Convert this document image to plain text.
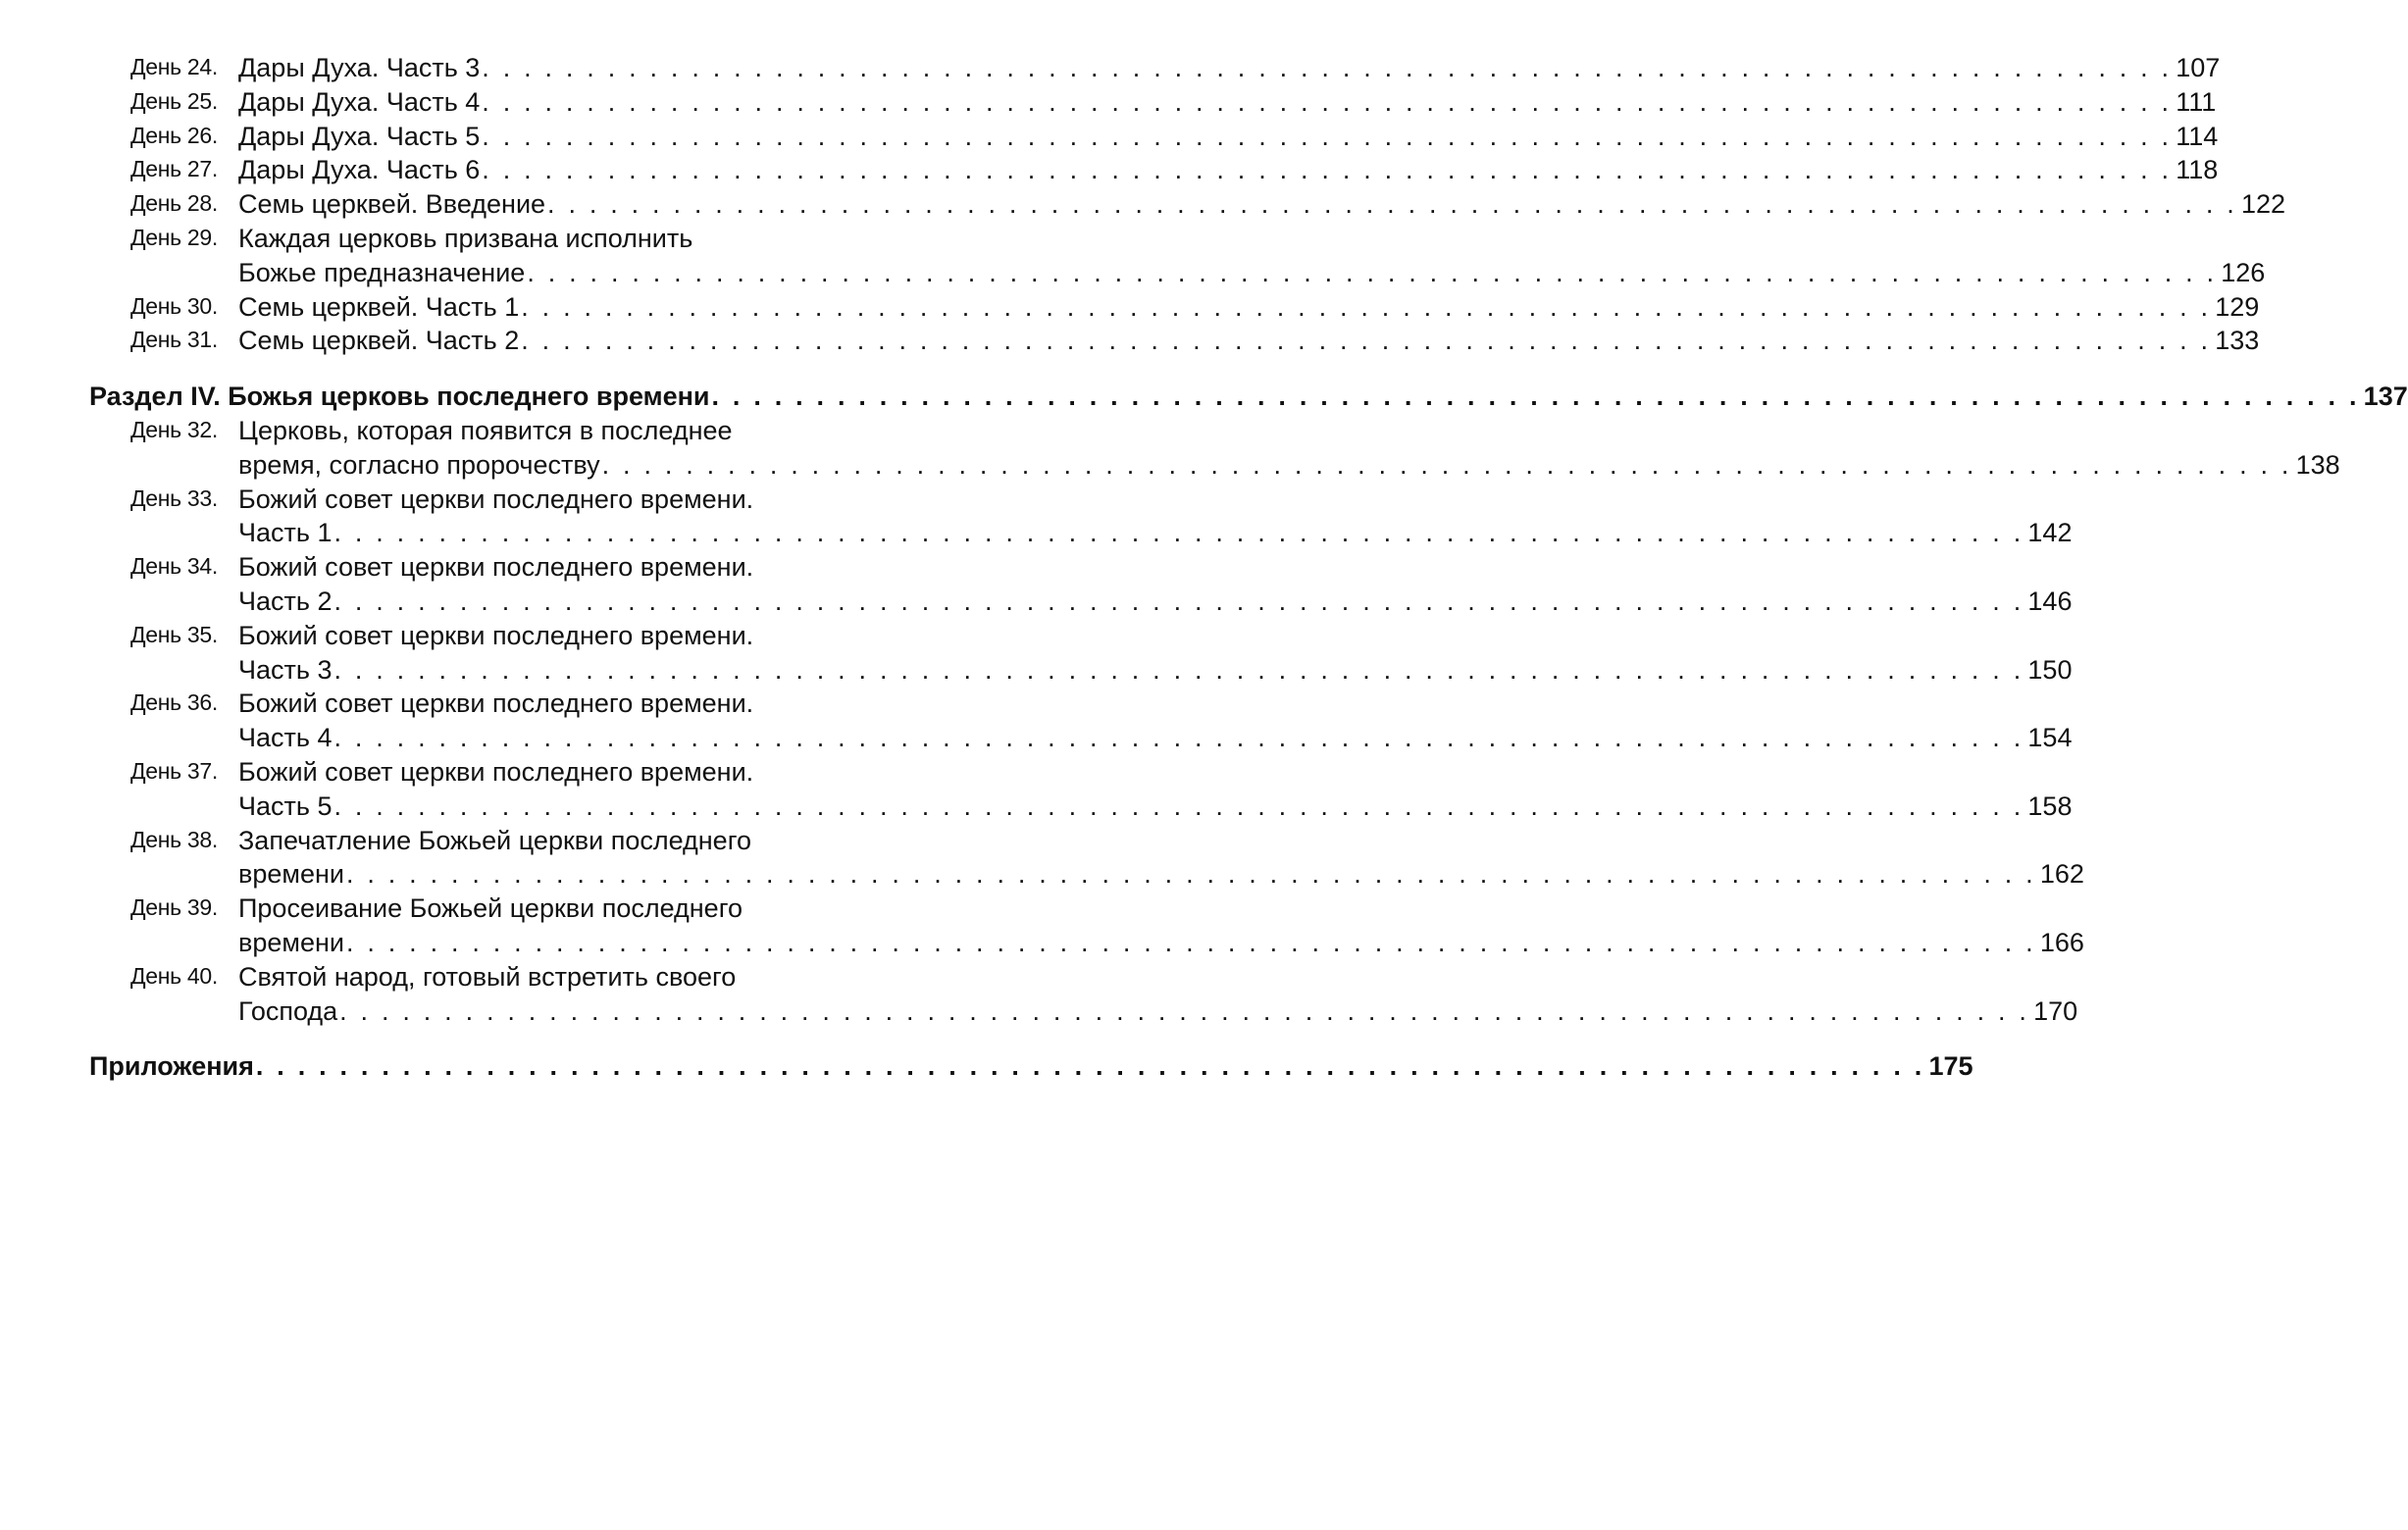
День 24. Дары Духа. Часть 3 . . . . . . . . . . . . . . . . . . . . . . . . . . . . . . . . . . . . . . . . . . . . . . . . . . . . . . . . . . . . . . . . . . . . . . . . . . . . . . . . . 107
День 25. Дары Духа. Часть 4 . . . . . . . . . . . . . . . . . . . . . . . . . . . . . . . . . . . . . . . . . . . . . . . . . . . . . . . . . . . . . . . . . . . . . . . . . . . . . . . . . 111
День 26. Дары Духа. Часть 5 . . . . . . . . . . . . . . . . . . . . . . . . . . . . . . . . . . . . . . . . . . . . . . . . . . . . . . . . . . . . . . . . . . . . . . . . . . . . . . . . . 114
День 27. Дары Духа. Часть 6 . . . . . . . . . . . . . . . . . . . . . . . . . . . . . . . . . . . . . . . . . . . . . . . . . . . . . . . . . . . . . . . . . . . . . . . . . . . . . . . . . 118
День 28. Семь церквей. Введение . . . . . . . . . . . . . . . . . . . . . . . . . . . . . . . . . . . . . . . . . . . . . . . . . . . . . . . . . . . . . . . . . . . . . . . . . . . . . . . . . 122
День 29. Каждая церковь призвана исполнить
Божье предназначение . . . . . . . . . . . . . . . . . . . . . . . . . . . . . . . . . . . . . . . . . . . . . . . . . . . . . . . . . . . . . . . . . . . . . . . . . . . . . . . . . 126
День 30. Семь церквей. Часть 1 . . . . . . . . . . . . . . . . . . . . . . . . . . . . . . . . . . . . . . . . . . . . . . . . . . . . . . . . . . . . . . . . . . . . . . . . . . . . . . . . . 129
День 31. Семь церквей. Часть 2 . . . . . . . . . . . . . . . . . . . . . . . . . . . . . . . . . . . . . . . . . . . . . . . . . . . . . . . . . . . . . . . . . . . . . . . . . . . . . . . . . 133
Раздел IV. Божья церковь последнего времени . . . . . . . . . . . . . . . . . . . . . . . . . . . . . . . . . . . . . . . . . . . . . . . . . . . . . . . . . . . . . . . . . . . . . . . . . . . . . . . 137
День 32. Церковь, которая появится в последнее
время, согласно пророчеству . . . . . . . . . . . . . . . . . . . . . . . . . . . . . . . . . . . . . . . . . . . . . . . . . . . . . . . . . . . . . . . . . . . . . . . . . . . . . . . . . 138
День 33. Божий совет церкви последнего времени.
Часть 1 . . . . . . . . . . . . . . . . . . . . . . . . . . . . . . . . . . . . . . . . . . . . . . . . . . . . . . . . . . . . . . . . . . . . . . . . . . . . . . . . . 142
День 34. Божий совет церкви последнего времени.
Часть 2 . . . . . . . . . . . . . . . . . . . . . . . . . . . . . . . . . . . . . . . . . . . . . . . . . . . . . . . . . . . . . . . . . . . . . . . . . . . . . . . . . 146
День 35. Божий совет церкви последнего времени.
Часть 3 . . . . . . . . . . . . . . . . . . . . . . . . . . . . . . . . . . . . . . . . . . . . . . . . . . . . . . . . . . . . . . . . . . . . . . . . . . . . . . . . . 150
День 36. Божий совет церкви последнего времени.
Часть 4 . . . . . . . . . . . . . . . . . . . . . . . . . . . . . . . . . . . . . . . . . . . . . . . . . . . . . . . . . . . . . . . . . . . . . . . . . . . . . . . . . 154
День 37. Божий совет церкви последнего времени.
Часть 5 . . . . . . . . . . . . . . . . . . . . . . . . . . . . . . . . . . . . . . . . . . . . . . . . . . . . . . . . . . . . . . . . . . . . . . . . . . . . . . . . . 158
День 38. Запечатление Божьей церкви последнего
времени . . . . . . . . . . . . . . . . . . . . . . . . . . . . . . . . . . . . . . . . . . . . . . . . . . . . . . . . . . . . . . . . . . . . . . . . . . . . . . . . . 162
День 39. Просеивание Божьей церкви последнего
времени . . . . . . . . . . . . . . . . . . . . . . . . . . . . . . . . . . . . . . . . . . . . . . . . . . . . . . . . . . . . . . . . . . . . . . . . . . . . . . . . . 166
День 40. Святой народ, готовый встретить своего
Господа . . . . . . . . . . . . . . . . . . . . . . . . . . . . . . . . . . . . . . . . . . . . . . . . . . . . . . . . . . . . . . . . . . . . . . . . . . . . . . . . . 170
Приложения . . . . . . . . . . . . . . . . . . . . . . . . . . . . . . . . . . . . . . . . . . . . . . . . . . . . . . . . . . . . . . . . . . . . . . . . . . . . . . . . 175
